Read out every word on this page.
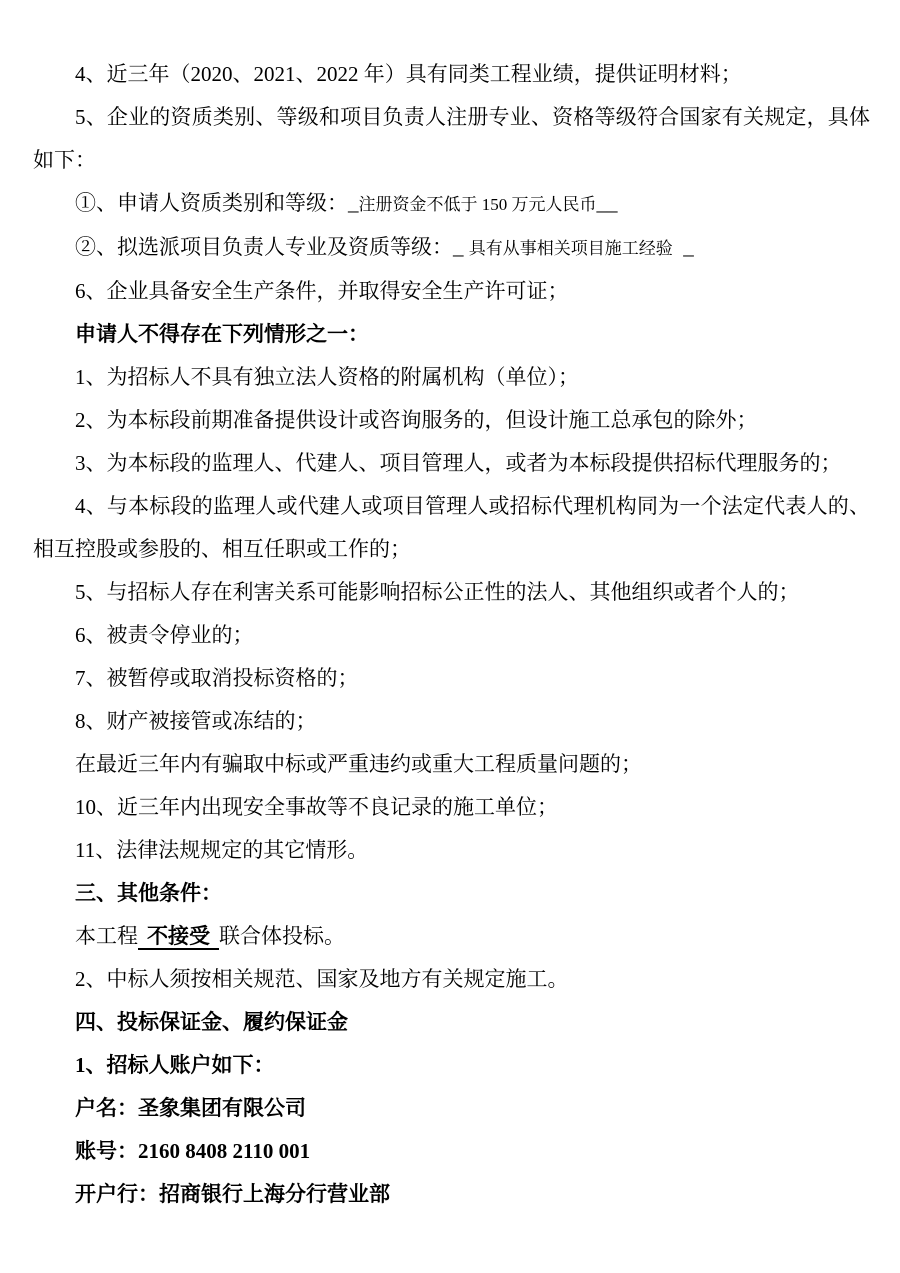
4、近三年（2020、2021、2022 年）具有同类工程业绩，提供证明材料；

5、企业的资质类别、等级和项目负责人注册专业、资格等级符合国家有关规定，具体如下：

①、申请人资质类别和等级：_注册资金不低于 150 万元人民币__

②、拟选派项目负责人专业及资质等级：_ 具有从事相关项目施工经验  _

6、企业具备安全生产条件，并取得安全生产许可证；

申请人不得存在下列情形之一：

1、为招标人不具有独立法人资格的附属机构（单位）；

2、为本标段前期准备提供设计或咨询服务的，但设计施工总承包的除外；

3、为本标段的监理人、代建人、项目管理人，或者为本标段提供招标代理服务的；

4、与本标段的监理人或代建人或项目管理人或招标代理机构同为一个法定代表人的、相互控股或参股的、相互任职或工作的；

5、与招标人存在利害关系可能影响招标公正性的法人、其他组织或者个人的；

6、被责令停业的；

7、被暂停或取消投标资格的；

8、财产被接管或冻结的；

在最近三年内有骗取中标或严重违约或重大工程质量问题的；

10、近三年内出现安全事故等不良记录的施工单位；

11、法律法规规定的其它情形。

三、其他条件：

本工程 不接受 联合体投标。

2、中标人须按相关规范、国家及地方有关规定施工。

四、投标保证金、履约保证金

1、招标人账户如下：

户名：圣象集团有限公司

账号：2160 8408 2110 001

开户行：招商银行上海分行营业部
